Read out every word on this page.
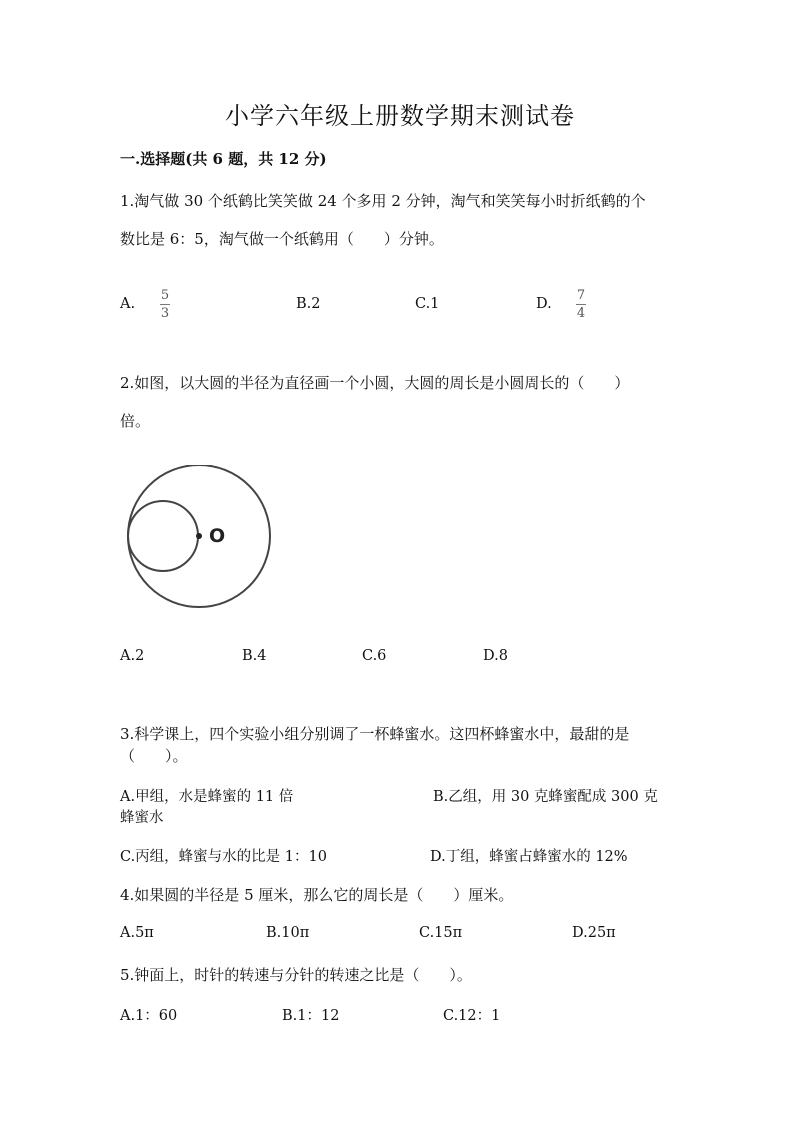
小学六年级上册数学期末测试卷
一.选择题(共 6 题，共 12 分)
1.淘气做 30 个纸鹤比笑笑做 24 个多用 2 分钟，淘气和笑笑每小时折纸鹤的个
数比是 6：5，淘气做一个纸鹤用（　　）分钟。
A.
5
3
B.2	C.1	D.
7
4
2.如图，以大圆的半径为直径画一个小圆，大圆的周长是小圆周长的（　　）
倍。
O
A.2	B.4	C.6	D.8
3.科学课上，四个实验小组分别调了一杯蜂蜜水。这四杯蜂蜜水中，最甜的是
（　　）。
A.甲组，水是蜂蜜的 11 倍	B.乙组，用 30 克蜂蜜配成 300 克
蜂蜜水
C.丙组，蜂蜜与水的比是 1：10	D.丁组，蜂蜜占蜂蜜水的 12%
4.如果圆的半径是 5 厘米，那么它的周长是（　　）厘米。
A.5π	B.10π	C.15π	D.25π
5.钟面上，时针的转速与分针的转速之比是（　　）。
A.1：60	B.1：12	C.12：1
